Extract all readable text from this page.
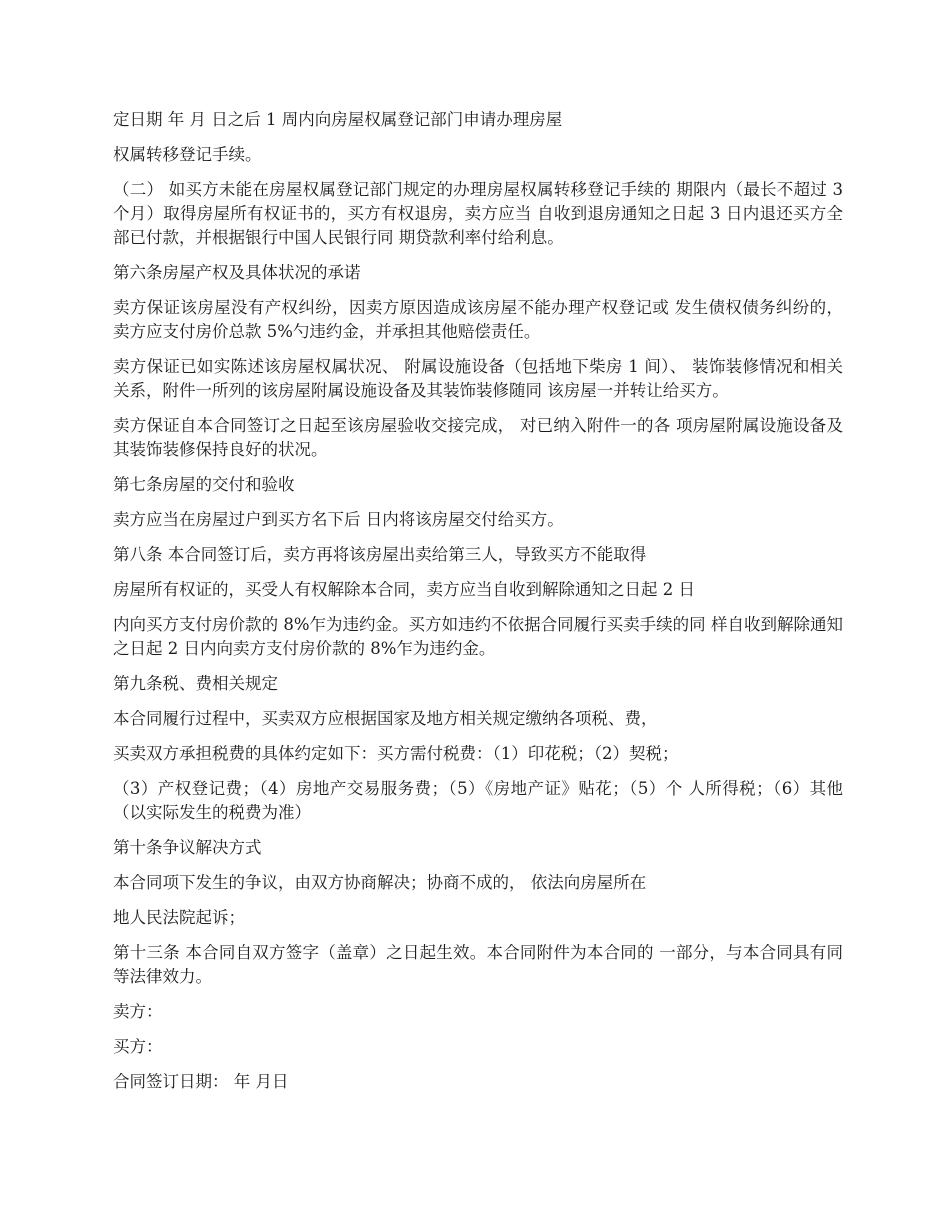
定日期 年 月 日之后 1 周内向房屋权属登记部门申请办理房屋

权属转移登记手续。

（二） 如买方未能在房屋权属登记部门规定的办理房屋权属转移登记手续的 期限内（最长不超过 3 个月）取得房屋所有权证书的，买方有权退房，卖方应当 自收到退房通知之日起 3 日内退还买方全部已付款，并根据银行中国人民银行同 期贷款利率付给利息。

第六条房屋产权及具体状况的承诺

卖方保证该房屋没有产权纠纷，因卖方原因造成该房屋不能办理产权登记或 发生债权债务纠纷的，卖方应支付房价总款 5%勺违约金，并承担其他赔偿责任。

卖方保证已如实陈述该房屋权属状况、 附属设施设备（包括地下柴房 1 间）、 装饰装修情况和相关关系，附件一所列的该房屋附属设施设备及其装饰装修随同 该房屋一并转让给买方。

卖方保证自本合同签订之日起至该房屋验收交接完成， 对已纳入附件一的各 项房屋附属设施设备及其装饰装修保持良好的状况。

第七条房屋的交付和验收

卖方应当在房屋过户到买方名下后 日内将该房屋交付给买方。

第八条 本合同签订后，卖方再将该房屋出卖给第三人，导致买方不能取得

房屋所有权证的，买受人有权解除本合同，卖方应当自收到解除通知之日起 2 日

内向买方支付房价款的 8%乍为违约金。买方如违约不依据合同履行买卖手续的同 样自收到解除通知之日起 2 日内向卖方支付房价款的 8%乍为违约金。

第九条税、费相关规定

本合同履行过程中，买卖双方应根据国家及地方相关规定缴纳各项税、费，

买卖双方承担税费的具体约定如下：买方需付税费：（1）印花税；（2）契税；

（3）产权登记费；（4）房地产交易服务费；（5）《房地产证》贴花；（5）个 人所得税；（6）其他（以实际发生的税费为准）

第十条争议解决方式

本合同项下发生的争议，由双方协商解决；协商不成的， 依法向房屋所在

地人民法院起诉；

第十三条 本合同自双方签字（盖章）之日起生效。本合同附件为本合同的 一部分，与本合同具有同等法律效力。

卖方：

买方：

合同签订日期： 年 月日
